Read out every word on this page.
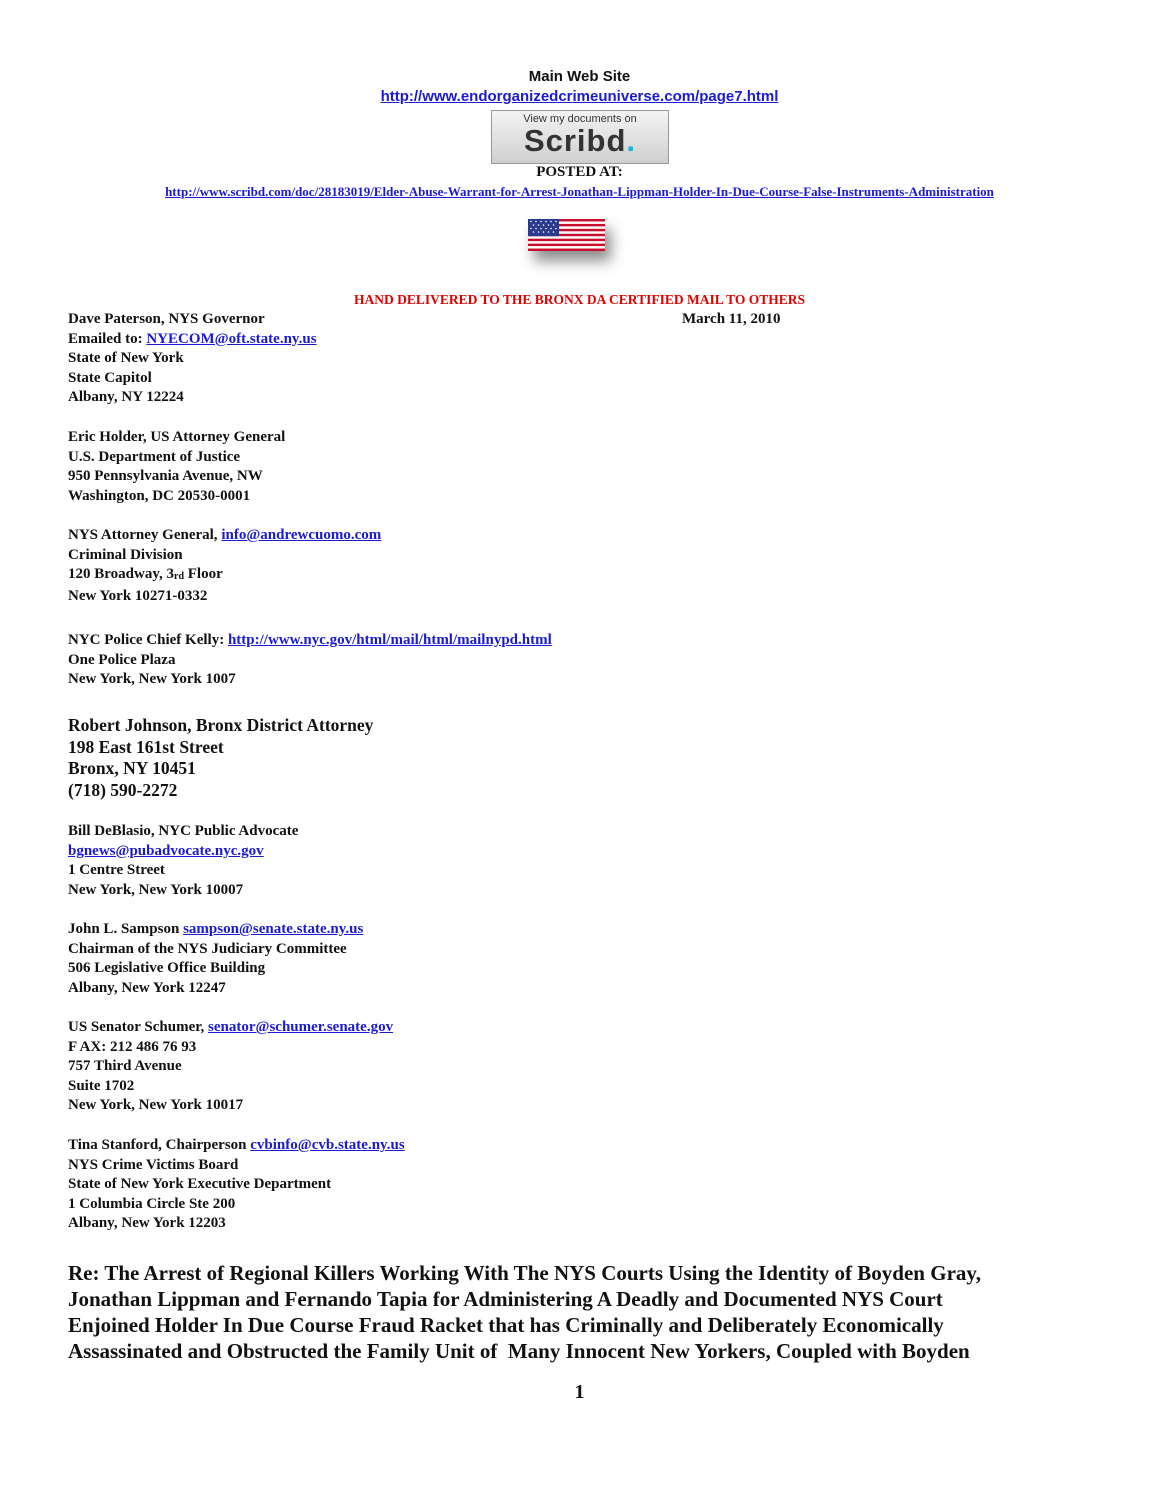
Main Web Site
http://www.endorganizedcrimeuniverse.com/page7.html
View my documents on
Scribd.
POSTED AT:
http://www.scribd.com/doc/28183019/Elder-Abuse-Warrant-for-Arrest-Jonathan-Lippman-Holder-In-Due-Course-False-Instruments-Administration
HAND DELIVERED TO THE BRONX DA CERTIFIED MAIL TO OTHERS
March 11, 2010
Dave Paterson, NYS Governor
Emailed to: NYECOM@oft.state.ny.us
State of New York
State Capitol
Albany, NY 12224
Eric Holder, US Attorney General
U.S. Department of Justice
950 Pennsylvania Avenue, NW
Washington, DC 20530-0001
NYS Attorney General, info@andrewcuomo.com
Criminal Division
120 Broadway, $3_{rd}$ Floor
New York 10271-0332
NYC Police Chief Kelly: http://www.nyc.gov/html/mail/html/mailnypd.html
One Police Plaza
New York, New York 1007
Robert Johnson, Bronx District Attorney
198 East 161st Street
Bronx, NY 10451
(718) 590-2272
Bill DeBlasio, NYC Public Advocate
bgnews@pubadvocate.nyc.gov
1 Centre Street
New York, New York 10007
John L. Sampson sampson@senate.state.ny.us
Chairman of the NYS Judiciary Committee
506 Legislative Office Building
Albany, New York 12247
US Senator Schumer, senator@schumer.senate.gov
F AX: 212 486 76 93
757 Third Avenue
Suite 1702
New York, New York 10017
Tina Stanford, Chairperson cvbinfo@cvb.state.ny.us
NYS Crime Victims Board
State of New York Executive Department
1 Columbia Circle Ste 200
Albany, New York 12203
Re: The Arrest of Regional Killers Working With The NYS Courts Using the Identity of Boyden Gray,
Jonathan Lippman and Fernando Tapia for Administering A Deadly and Documented NYS Court
Enjoined Holder In Due Course Fraud Racket that has Criminally and Deliberately Economically
Assassinated and Obstructed the Family Unit of  Many Innocent New Yorkers, Coupled with Boyden
1
